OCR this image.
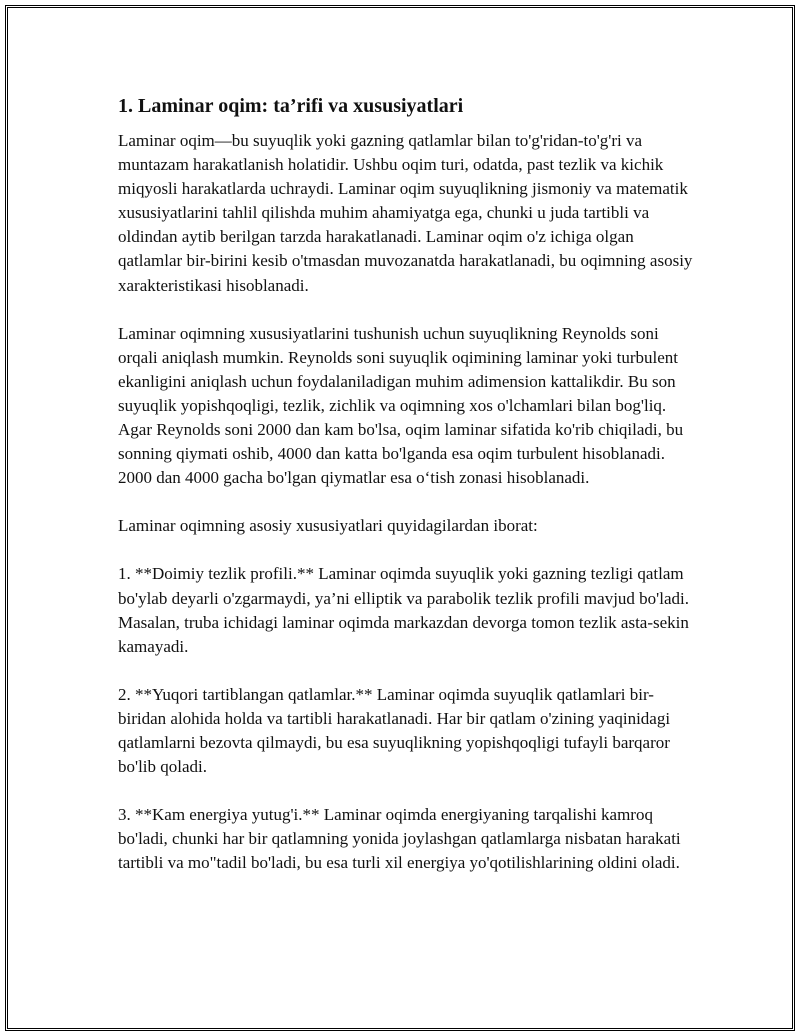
1. Laminar oqim: ta’rifi va xususiyatlari

Laminar oqim—bu suyuqlik yoki gazning qatlamlar bilan to'g'ridan-to'g'ri va muntazam harakatlanish holatidir. Ushbu oqim turi, odatda, past tezlik va kichik miqyosli harakatlarda uchraydi. Laminar oqim suyuqlikning jismoniy va matematik xususiyatlarini tahlil qilishda muhim ahamiyatga ega, chunki u juda tartibli va oldindan aytib berilgan tarzda harakatlanadi. Laminar oqim o'z ichiga olgan qatlamlar bir-birini kesib o'tmasdan muvozanatda harakatlanadi, bu oqimning asosiy xarakteristikasi hisoblanadi.

Laminar oqimning xususiyatlarini tushunish uchun suyuqlikning Reynolds soni orqali aniqlash mumkin. Reynolds soni suyuqlik oqimining laminar yoki turbulent ekanligini aniqlash uchun foydalaniladigan muhim adimension kattalikdir. Bu son suyuqlik yopishqoqligi, tezlik, zichlik va oqimning xos o'lchamlari bilan bog'liq. Agar Reynolds soni 2000 dan kam bo'lsa, oqim laminar sifatida ko'rib chiqiladi, bu sonning qiymati oshib, 4000 dan katta bo'lganda esa oqim turbulent hisoblanadi. 2000 dan 4000 gacha bo'lgan qiymatlar esa o‘tish zonasi hisoblanadi.

Laminar oqimning asosiy xususiyatlari quyidagilardan iborat:

1. **Doimiy tezlik profili.** Laminar oqimda suyuqlik yoki gazning tezligi qatlam bo'ylab deyarli o'zgarmaydi, ya’ni elliptik va parabolik tezlik profili mavjud bo'ladi. Masalan, truba ichidagi laminar oqimda markazdan devorga tomon tezlik asta-sekin kamayadi.

2. **Yuqori tartiblangan qatlamlar.** Laminar oqimda suyuqlik qatlamlari bir-biridan alohida holda va tartibli harakatlanadi. Har bir qatlam o'zining yaqinidagi qatlamlarni bezovta qilmaydi, bu esa suyuqlikning yopishqoqligi tufayli barqaror bo'lib qoladi.

3. **Kam energiya yutug'i.** Laminar oqimda energiyaning tarqalishi kamroq bo'ladi, chunki har bir qatlamning yonida joylashgan qatlamlarga nisbatan harakati tartibli va mo"tadil bo'ladi, bu esa turli xil energiya yo'qotilishlarining oldini oladi.
